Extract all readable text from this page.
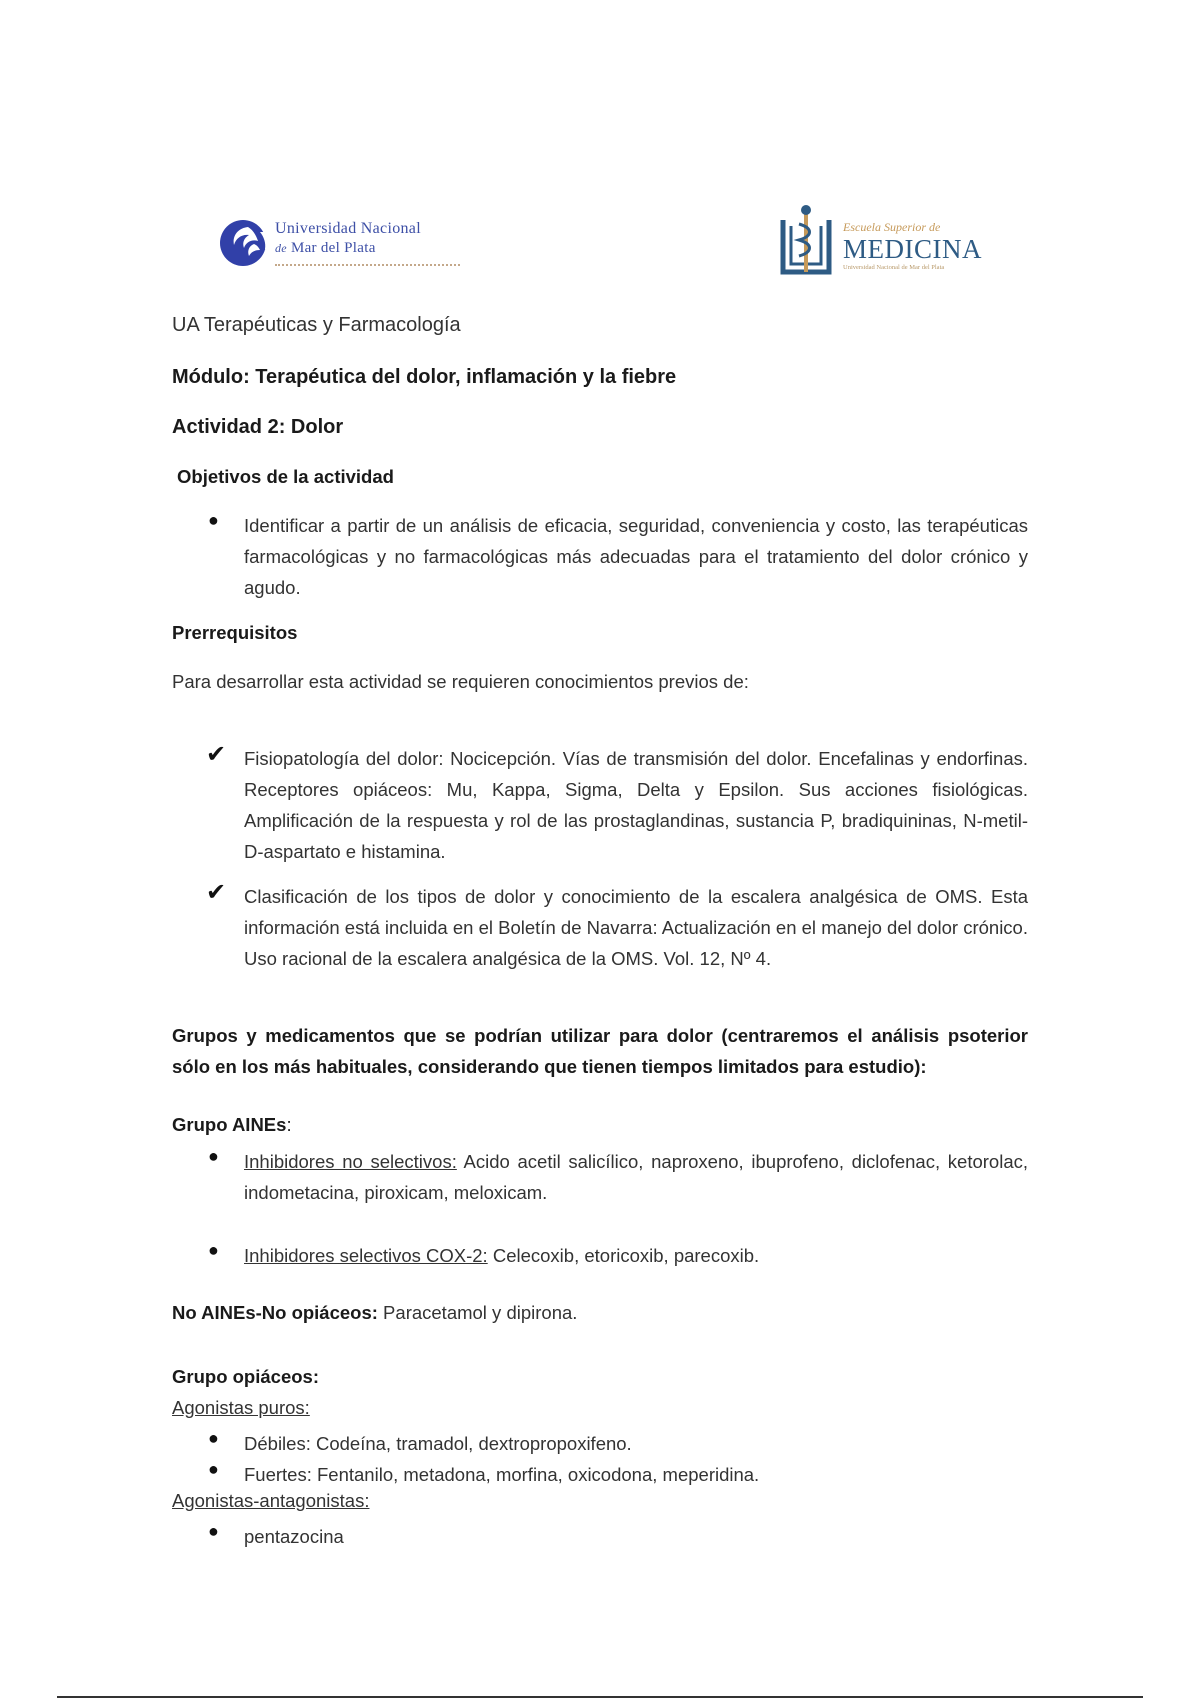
Universidad Nacional
de Mar del Plata
Escuela Superior de
MEDICINA
Universidad Nacional de Mar del Plata

UA Terapéuticas y Farmacología

Módulo: Terapéutica del dolor, inflamación y la fiebre

Actividad 2: Dolor

Objetivos de la actividad

●	Identificar a partir de un análisis de eficacia, seguridad, conveniencia y costo, las terapéuticas farmacológicas y no farmacológicas más adecuadas para el tratamiento del dolor crónico y agudo.

Prerrequisitos

Para desarrollar esta actividad se requieren conocimientos previos de:

✔ Fisiopatología del dolor: Nocicepción. Vías de transmisión del dolor. Encefalinas y endorfinas. Receptores opiáceos: Mu, Kappa, Sigma, Delta y Epsilon. Sus acciones fisiológicas. Amplificación de la respuesta y rol de las prostaglandinas, sustancia P, bradiquininas, N-metil-D-aspartato e histamina.

✔ Clasificación de los tipos de dolor y conocimiento de la escalera analgésica de OMS. Esta información está incluida en el Boletín de Navarra: Actualización en el manejo del dolor crónico. Uso racional de la escalera analgésica de la OMS. Vol. 12, Nº 4.

Grupos y medicamentos que se podrían utilizar para dolor (centraremos el análisis psoterior sólo en los más habituales, considerando que tienen tiempos limitados para estudio):

Grupo AINEs:

●	Inhibidores no selectivos: Acido acetil salicílico, naproxeno, ibuprofeno, diclofenac, ketorolac, indometacina, piroxicam, meloxicam.

●	Inhibidores selectivos COX-2: Celecoxib, etoricoxib, parecoxib.

No AINEs-No opiáceos: Paracetamol y dipirona.

Grupo opiáceos:

Agonistas puros:

●	Débiles: Codeína, tramadol, dextropropoxifeno.

●	Fuertes: Fentanilo, metadona, morfina, oxicodona, meperidina.

Agonistas-antagonistas:

●	pentazocina
